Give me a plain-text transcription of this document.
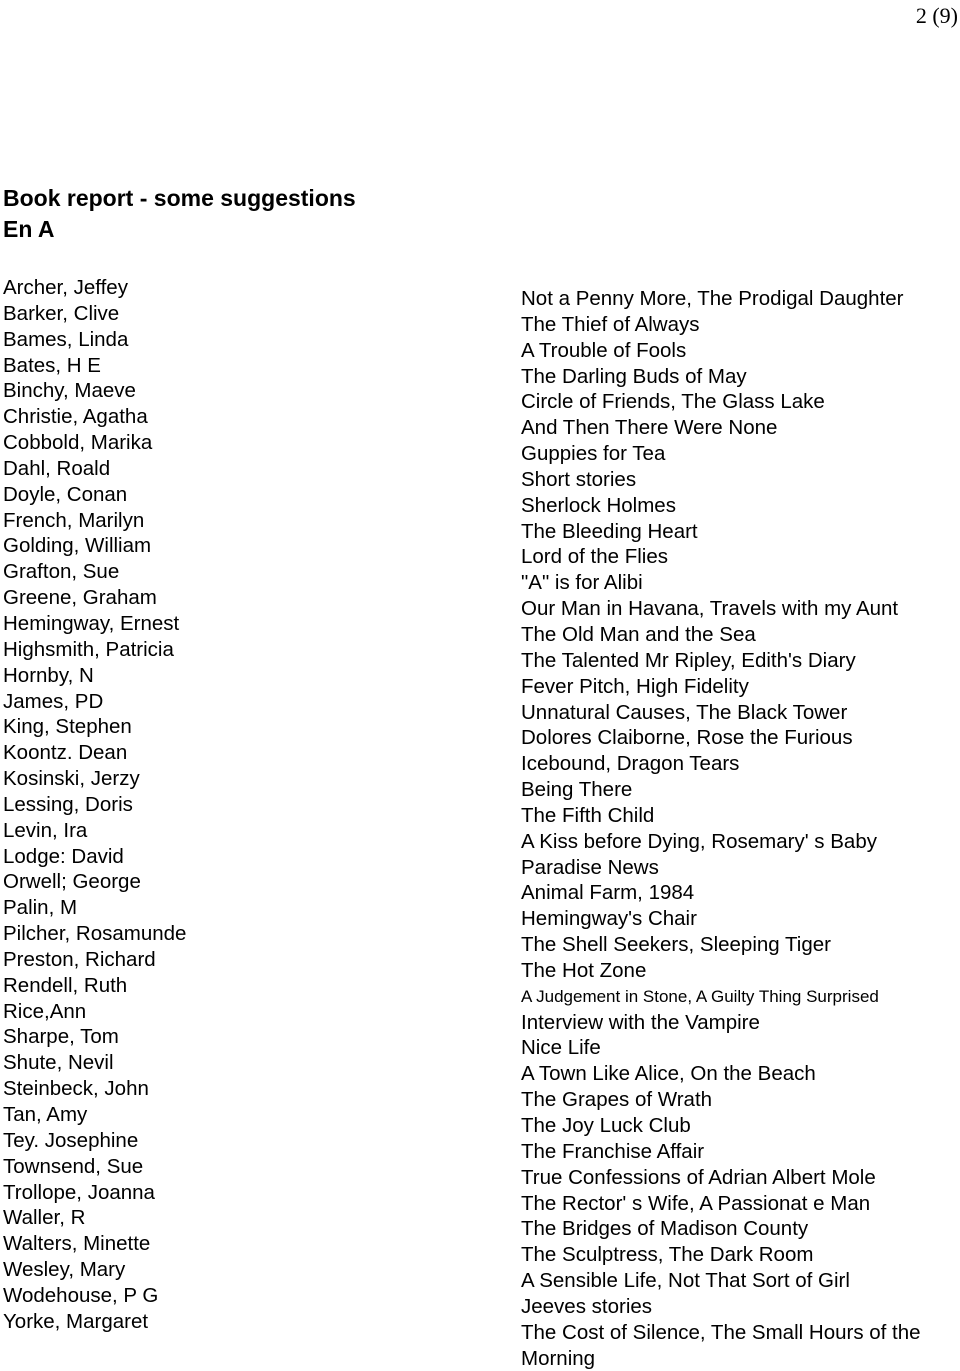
2 (9)
Book report - some suggestions
En A
Archer, Jeffey
Barker, Clive
Bames, Linda
Bates, H E
Binchy, Maeve
Christie, Agatha
Cobbold, Marika
Dahl, Roald
Doyle, Conan
French, Marilyn
Golding, William
Grafton, Sue
Greene, Graham
Hemingway, Ernest
Highsmith, Patricia
Hornby, N
James, PD
King, Stephen
Koontz. Dean
Kosinski, Jerzy
Lessing, Doris
Levin, Ira
Lodge: David
Orwell; George
Palin, M
Pilcher, Rosamunde
Preston, Richard
Rendell, Ruth
Rice,Ann
Sharpe, Tom
Shute, Nevil
Steinbeck, John
Tan, Amy
Tey. Josephine
Townsend, Sue
Trollope, Joanna
Waller, R
Walters, Minette
Wesley, Mary
Wodehouse, P G
Yorke, Margaret
Not a Penny More, The Prodigal Daughter
The Thief of Always
A Trouble of Fools
The Darling Buds of May
Circle of Friends, The Glass Lake
And Then There Were None
Guppies for Tea
Short stories
Sherlock Holmes
The Bleeding Heart
Lord of the Flies
"A" is for Alibi
Our Man in Havana, Travels with my Aunt
The Old Man and the Sea
The Talented Mr Ripley, Edith's Diary
Fever Pitch, High Fidelity
Unnatural Causes, The Black Tower
Dolores Claiborne, Rose the Furious
Icebound, Dragon Tears
Being There
The Fifth Child
A Kiss before Dying, Rosemary' s Baby
Paradise News
Animal Farm, 1984
Hemingway's Chair
The Shell Seekers, Sleeping Tiger
The Hot Zone
A Judgement in Stone, A Guilty Thing Surprised
Interview with the Vampire
Nice Life
A Town Like Alice, On the Beach
The Grapes of Wrath
The Joy Luck Club
The Franchise Affair
True Confessions of Adrian Albert Mole
The Rector' s Wife, A Passionat e Man
The Bridges of Madison County
The Sculptress, The Dark Room
A Sensible Life, Not That Sort of Girl
Jeeves stories
The Cost of Silence, The Small Hours of the Morning
